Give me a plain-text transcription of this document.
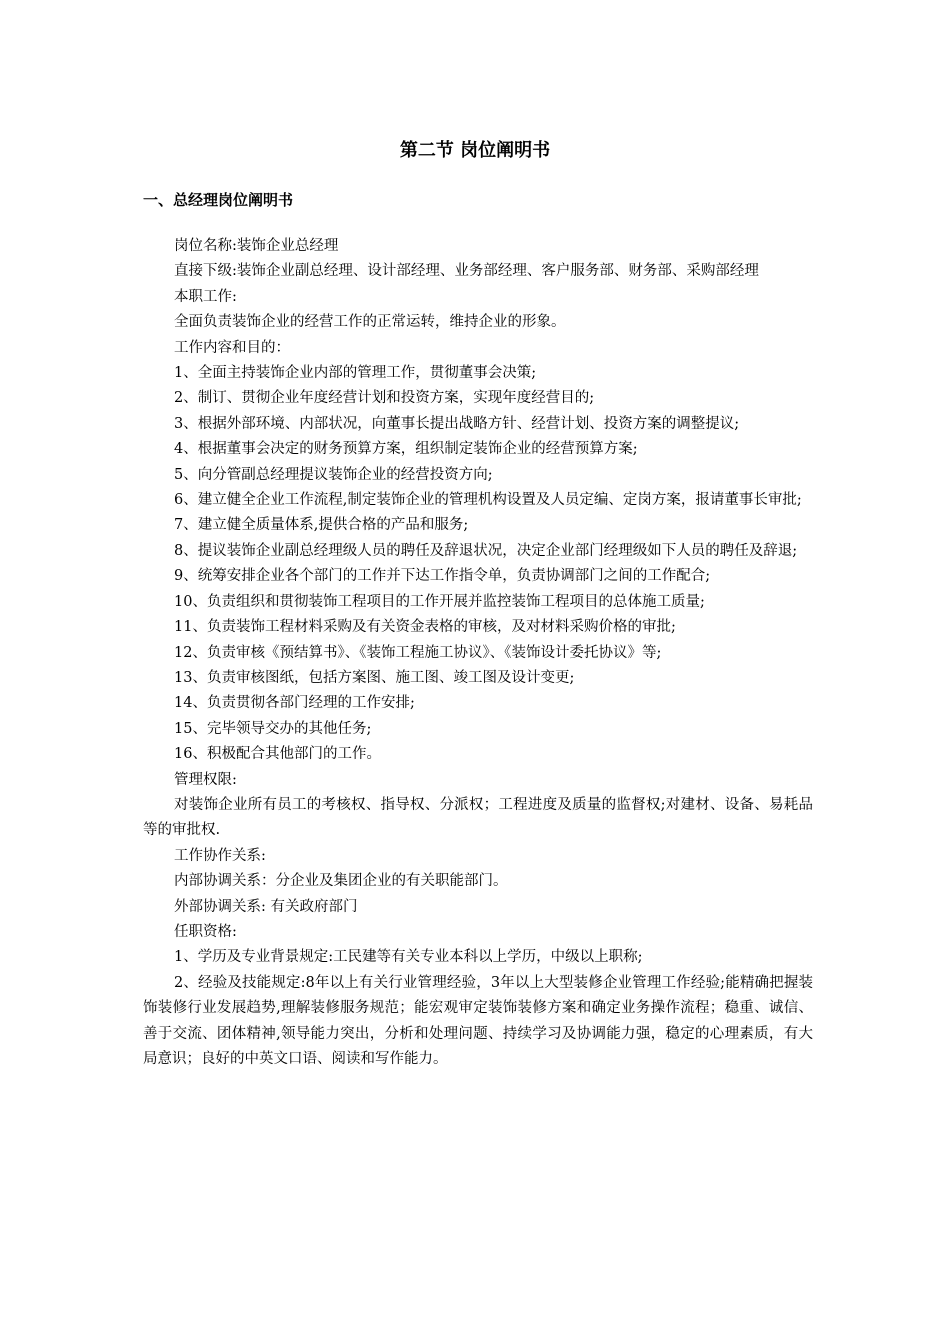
第二节 岗位阐明书
一、总经理岗位阐明书

岗位名称:装饰企业总经理

直接下级:装饰企业副总经理、设计部经理、业务部经理、客户服务部、财务部、采购部经理

本职工作:

全面负责装饰企业的经营工作的正常运转，维持企业的形象。

工作内容和目的：

1、全面主持装饰企业内部的管理工作，贯彻董事会决策;

2、制订、贯彻企业年度经营计划和投资方案，实现年度经营目的;

3、根据外部环境、内部状况，向董事长提出战略方针、经营计划、投资方案的调整提议;

4、根据董事会决定的财务预算方案，组织制定装饰企业的经营预算方案;

5、向分管副总经理提议装饰企业的经营投资方向;

6、建立健全企业工作流程,制定装饰企业的管理机构设置及人员定编、定岗方案，报请董事长审批;

7、建立健全质量体系,提供合格的产品和服务;

8、提议装饰企业副总经理级人员的聘任及辞退状况，决定企业部门经理级如下人员的聘任及辞退;

9、统筹安排企业各个部门的工作并下达工作指令单，负责协调部门之间的工作配合;

10、负责组织和贯彻装饰工程项目的工作开展并监控装饰工程项目的总体施工质量;

11、负责装饰工程材料采购及有关资金表格的审核，及对材料采购价格的审批;

12、负责审核《预结算书》、《装饰工程施工协议》、《装饰设计委托协议》等;

13、负责审核图纸，包括方案图、施工图、竣工图及设计变更;

14、负责贯彻各部门经理的工作安排;

15、完毕领导交办的其他任务;

16、积极配合其他部门的工作。

管理权限:

对装饰企业所有员工的考核权、指导权、分派权；工程进度及质量的监督权;对建材、设备、易耗品等的审批权.

工作协作关系:

内部协调关系：分企业及集团企业的有关职能部门。

外部协调关系: 有关政府部门

任职资格:

1、学历及专业背景规定:工民建等有关专业本科以上学历，中级以上职称;

2、经验及技能规定:8年以上有关行业管理经验，3年以上大型装修企业管理工作经验;能精确把握装饰装修行业发展趋势,理解装修服务规范；能宏观审定装饰装修方案和确定业务操作流程；稳重、诚信、善于交流、团体精神,领导能力突出，分析和处理问题、持续学习及协调能力强，稳定的心理素质，有大局意识；良好的中英文口语、阅读和写作能力。
